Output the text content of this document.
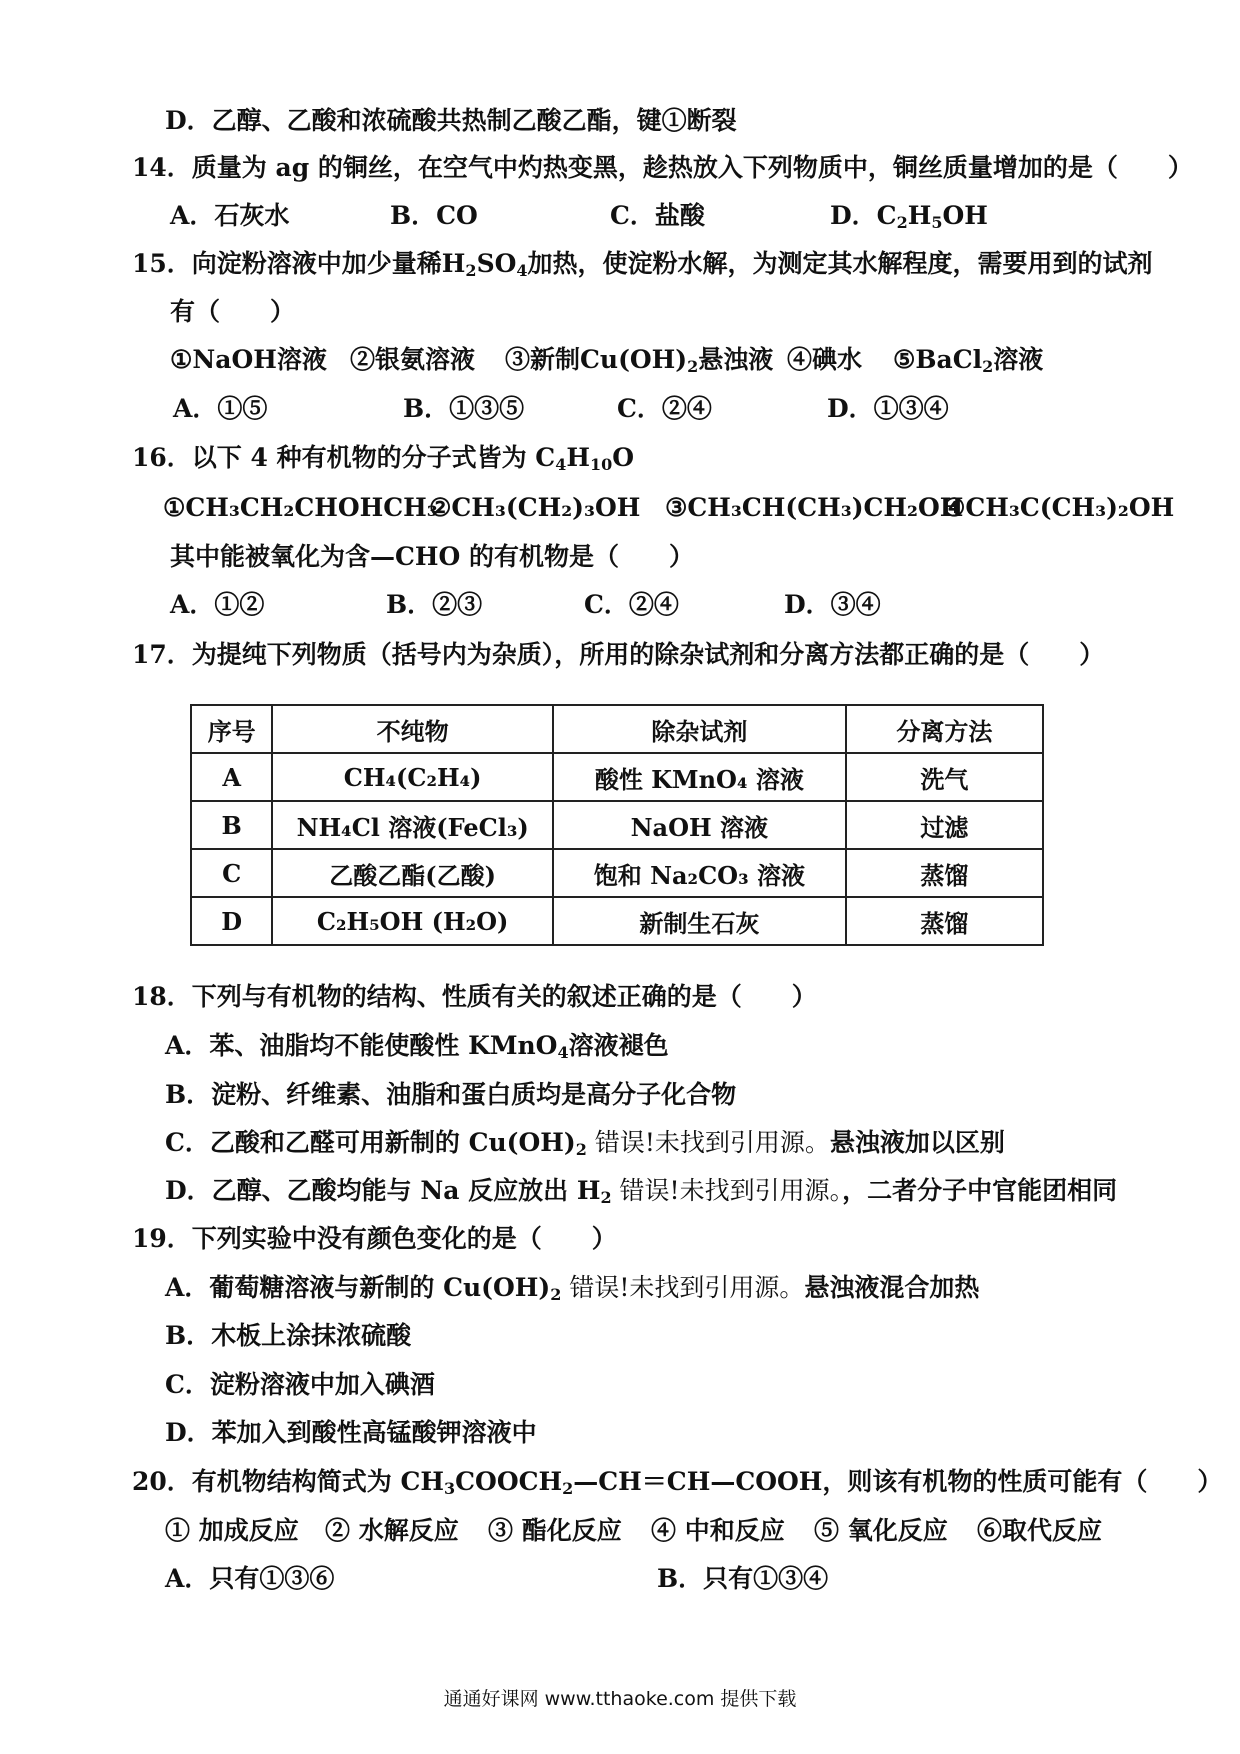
D．乙醇、乙酸和浓硫酸共热制乙酸乙酯，键①断裂
14．质量为 ag 的铜丝，在空气中灼热变黑，趁热放入下列物质中，铜丝质量增加的是（　　）
A．石灰水	B．CO	C．盐酸	D．$C_2H_5OH$
15．向淀粉溶液中加少量稀$H_2SO_4$加热，使淀粉水解，为测定其水解程度，需要用到的试剂
有（　　）
①NaOH溶液 ②银氨溶液	③新制$Cu(OH)_2$悬浊液 ④碘水	⑤BaCl$_2$溶液
A．①⑤	B．①③⑤	C．②④	D．①③④
16．以下 4 种有机物的分子式皆为 $C_4H_{10}O$
①CH₃CH₂CHOHCH₃
②CH₃(CH₂)₃OH ③CH₃CH(CH₃)CH₂OH
④CH₃C(CH₃)₂OH
其中能被氧化为含—CHO 的有机物是（　　）
A．①②	B．②③	C．②④	D．③④
17．为提纯下列物质（括号内为杂质），所用的除杂试剂和分离方法都正确的是（　　）
序号	不纯物	除杂试剂	分离方法
A	CH₄(C₂H₄)	酸性 KMnO₄ 溶液	洗气
B	NH₄Cl 溶液(FeCl₃)	NaOH 溶液	过滤
C	乙酸乙酯(乙酸)	饱和 Na₂CO₃ 溶液	蒸馏
D	C₂H₅OH (H₂O)	新制生石灰	蒸馏
18．下列与有机物的结构、性质有关的叙述正确的是（　　）
A．苯、油脂均不能使酸性 KMnO$_4$溶液褪色
B．淀粉、纤维素、油脂和蛋白质均是高分子化合物
C．乙酸和乙醛可用新制的 $Cu(OH)_2$ 错误!未找到引用源。悬浊液加以区别
D．乙醇、乙酸均能与 Na 反应放出 $H_2$ 错误!未找到引用源。，二者分子中官能团相同
19．下列实验中没有颜色变化的是（　　）
A．葡萄糖溶液与新制的 $Cu(OH)_2$ 错误!未找到引用源。悬浊液混合加热
B．木板上涂抹浓硫酸
C．淀粉溶液中加入碘酒
D．苯加入到酸性高锰酸钾溶液中
20．有机物结构简式为 $CH_3COOCH_2—CH=CH—COOH$，则该有机物的性质可能有（　　）
① 加成反应	② 水解反应	③ 酯化反应	④ 中和反应	⑤ 氧化反应	⑥取代反应
A．只有①③⑥	B．只有①③④
通通好课网 www.tthaoke.com 提供下载
